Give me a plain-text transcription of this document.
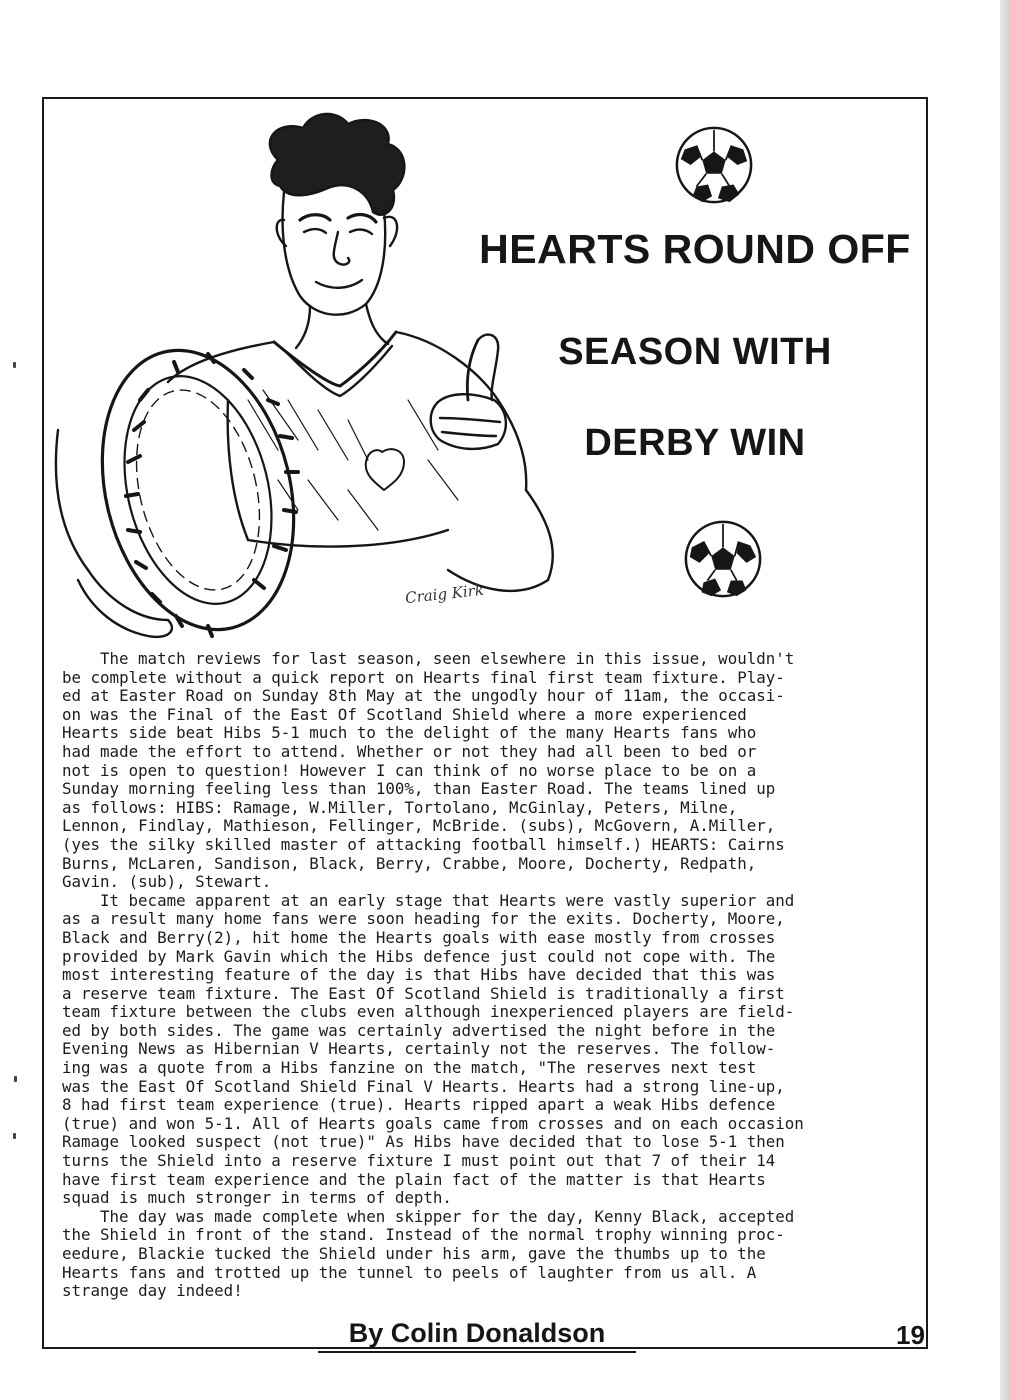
HEARTS ROUND OFF
SEASON WITH
DERBY WIN
Craig Kirk

The match reviews for last season, seen elsewhere in this issue, wouldn't
be complete without a quick report on Hearts final first team fixture. Play-
ed at Easter Road on Sunday 8th May at the ungodly hour of 11am, the occasi-
on was the Final of the East Of Scotland Shield where a more experienced
Hearts side beat Hibs 5-1 much to the delight of the many Hearts fans who
had made the effort to attend. Whether or not they had all been to bed or
not is open to question! However I can think of no worse place to be on a
Sunday morning feeling less than 100%, than Easter Road. The teams lined up
as follows: HIBS: Ramage, W.Miller, Tortolano, McGinlay, Peters, Milne,
Lennon, Findlay, Mathieson, Fellinger, McBride. (subs), McGovern, A.Miller,
(yes the silky skilled master of attacking football himself.) HEARTS: Cairns
Burns, McLaren, Sandison, Black, Berry, Crabbe, Moore, Docherty, Redpath,
Gavin. (sub), Stewart.

It became apparent at an early stage that Hearts were vastly superior and
as a result many home fans were soon heading for the exits. Docherty, Moore,
Black and Berry(2), hit home the Hearts goals with ease mostly from crosses
provided by Mark Gavin which the Hibs defence just could not cope with. The
most interesting feature of the day is that Hibs have decided that this was
a reserve team fixture. The East Of Scotland Shield is traditionally a first
team fixture between the clubs even although inexperienced players are field-
ed by both sides. The game was certainly advertised the night before in the
Evening News as Hibernian V Hearts, certainly not the reserves. The follow-
ing was a quote from a Hibs fanzine on the match, "The reserves next test
was the East Of Scotland Shield Final V Hearts. Hearts had a strong line-up,
8 had first team experience (true). Hearts ripped apart a weak Hibs defence
(true) and won 5-1. All of Hearts goals came from crosses and on each occasion
Ramage looked suspect (not true)" As Hibs have decided that to lose 5-1 then
turns the Shield into a reserve fixture I must point out that 7 of their 14
have first team experience and the plain fact of the matter is that Hearts
squad is much stronger in terms of depth.

The day was made complete when skipper for the day, Kenny Black, accepted
the Shield in front of the stand. Instead of the normal trophy winning proc-
eedure, Blackie tucked the Shield under his arm, gave the thumbs up to the
Hearts fans and trotted up the tunnel to peels of laughter from us all. A
strange day indeed!

By Colin Donaldson	19
